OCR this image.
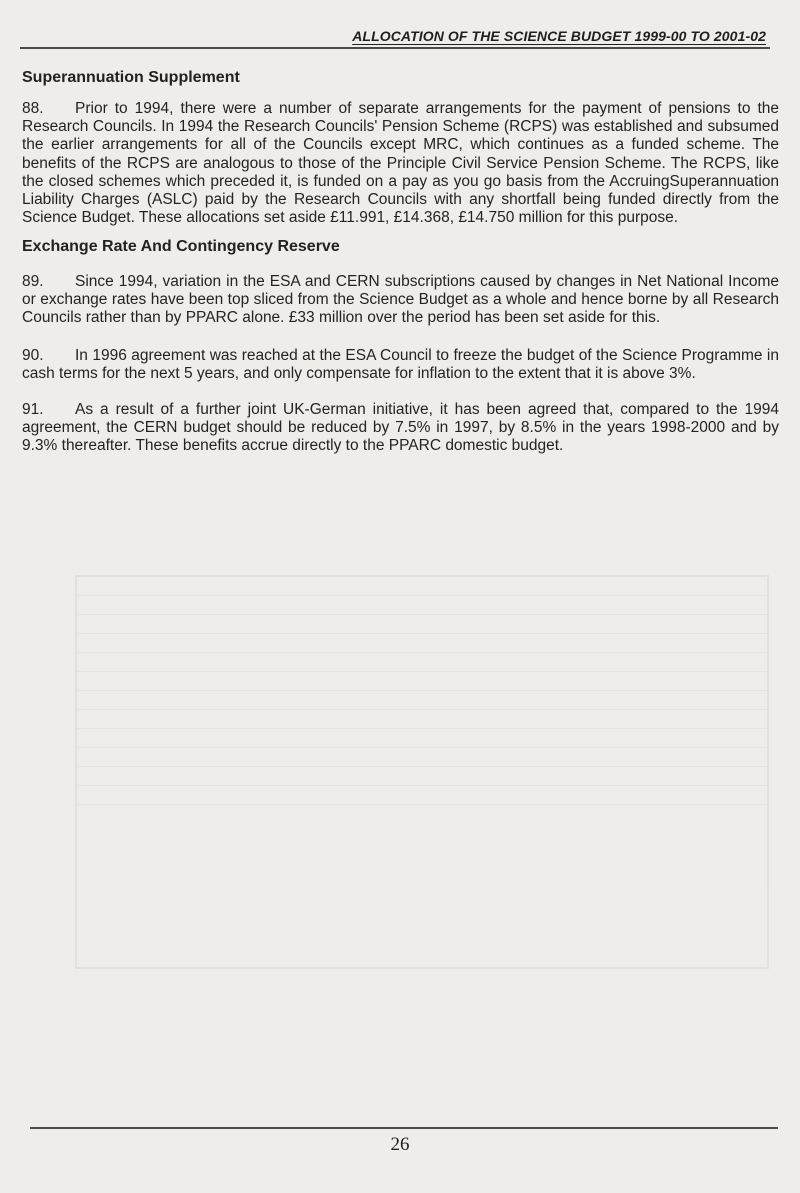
ALLOCATION OF THE SCIENCE BUDGET 1999-00 TO 2001-02
Superannuation Supplement
88. Prior to 1994, there were a number of separate arrangements for the payment of pensions to the Research Councils. In 1994 the Research Councils' Pension Scheme (RCPS) was established and subsumed the earlier arrangements for all of the Councils except MRC, which continues as a funded scheme. The benefits of the RCPS are analogous to those of the Principle Civil Service Pension Scheme. The RCPS, like the closed schemes which preceded it, is funded on a pay as you go basis from the AccruingSuperannuation Liability Charges (ASLC) paid by the Research Councils with any shortfall being funded directly from the Science Budget. These allocations set aside £11.991, £14.368, £14.750 million for this purpose.
Exchange Rate And Contingency Reserve
89. Since 1994, variation in the ESA and CERN subscriptions caused by changes in Net National Income or exchange rates have been top sliced from the Science Budget as a whole and hence borne by all Research Councils rather than by PPARC alone. £33 million over the period has been set aside for this.
90. In 1996 agreement was reached at the ESA Council to freeze the budget of the Science Programme in cash terms for the next 5 years, and only compensate for inflation to the extent that it is above 3%.
91. As a result of a further joint UK-German initiative, it has been agreed that, compared to the 1994 agreement, the CERN budget should be reduced by 7.5% in 1997, by 8.5% in the years 1998-2000 and by 9.3% thereafter. These benefits accrue directly to the PPARC domestic budget.
26
